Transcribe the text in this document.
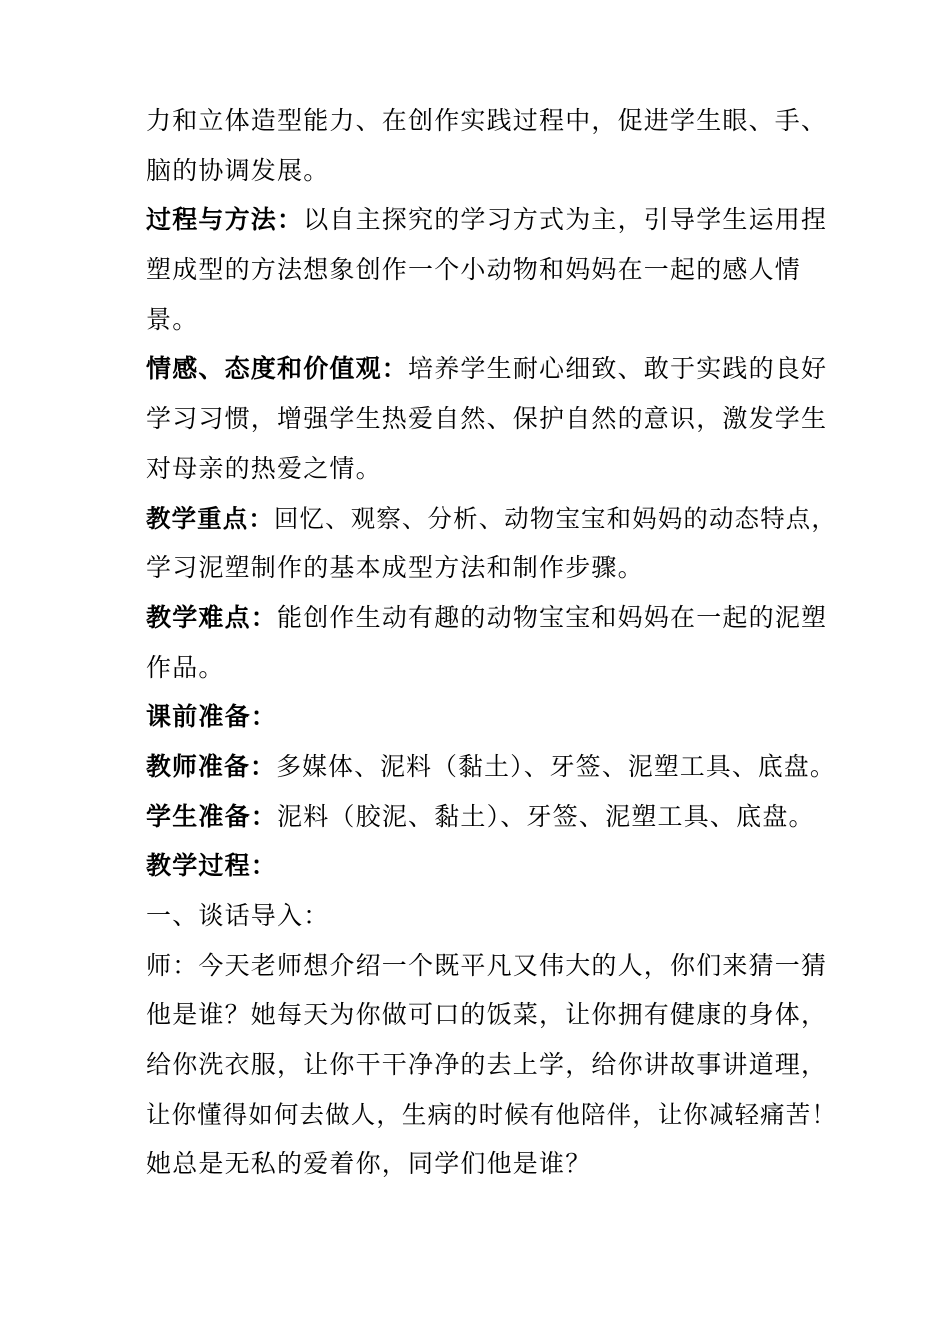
力和立体造型能力、在创作实践过程中，促进学生眼、手、
脑的协调发展。
过程与方法：以自主探究的学习方式为主，引导学生运用捏
塑成型的方法想象创作一个小动物和妈妈在一起的感人情
景。
情感、态度和价值观：培养学生耐心细致、敢于实践的良好
学习习惯，增强学生热爱自然、保护自然的意识，激发学生
对母亲的热爱之情。
教学重点：回忆、观察、分析、动物宝宝和妈妈的动态特点，
学习泥塑制作的基本成型方法和制作步骤。
教学难点：能创作生动有趣的动物宝宝和妈妈在一起的泥塑
作品。
课前准备：
教师准备：多媒体、泥料（黏土）、牙签、泥塑工具、底盘。
学生准备：泥料（胶泥、黏土）、牙签、泥塑工具、底盘。
教学过程：
一、谈话导入：
师：今天老师想介绍一个既平凡又伟大的人，你们来猜一猜
他是谁？她每天为你做可口的饭菜，让你拥有健康的身体，
给你洗衣服，让你干干净净的去上学，给你讲故事讲道理，
让你懂得如何去做人，生病的时候有他陪伴，让你减轻痛苦！
她总是无私的爱着你，同学们他是谁？
